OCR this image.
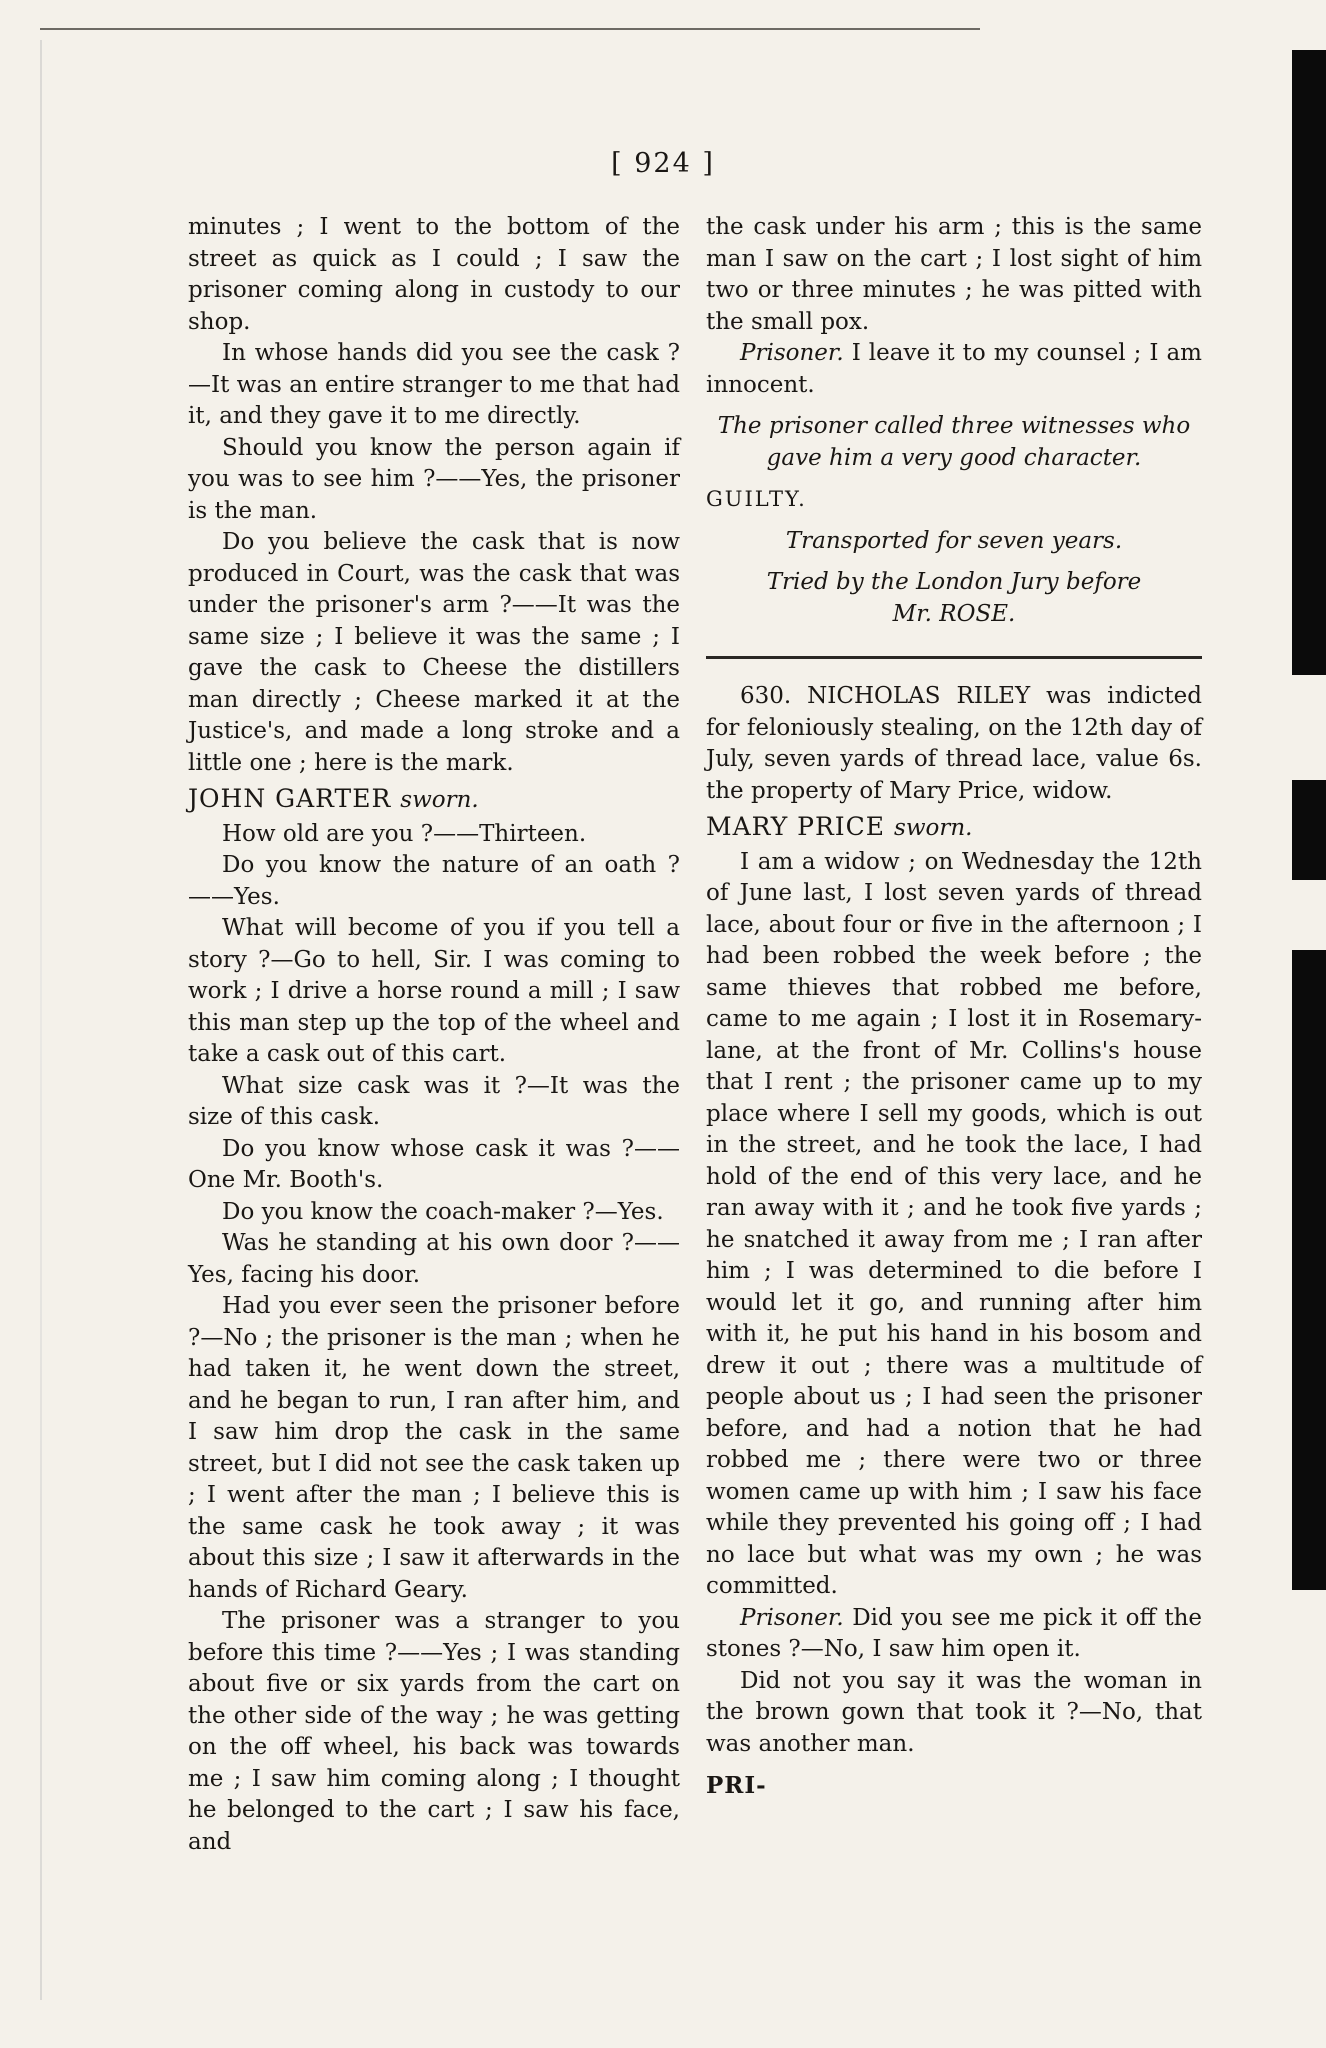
[ 924 ]

minutes ; I went to the bottom of the street as quick as I could ; I saw the prisoner coming along in custody to our shop.

In whose hands did you see the cask ?—It was an entire stranger to me that had it, and they gave it to me directly.

Should you know the person again if you was to see him ?——Yes, the prisoner is the man.

Do you believe the cask that is now produced in Court, was the cask that was under the prisoner's arm ?——It was the same size ; I believe it was the same ; I gave the cask to Cheese the distillers man directly ; Cheese marked it at the Justice's, and made a long stroke and a little one ; here is the mark.

JOHN GARTER sworn.

How old are you ?——Thirteen.

Do you know the nature of an oath ?——Yes.

What will become of you if you tell a story ?—Go to hell, Sir. I was coming to work ; I drive a horse round a mill ; I saw this man step up the top of the wheel and take a cask out of this cart.

What size cask was it ?—It was the size of this cask.

Do you know whose cask it was ?——One Mr. Booth's.

Do you know the coach-maker ?—Yes.

Was he standing at his own door ?——Yes, facing his door.

Had you ever seen the prisoner before ?—No ; the prisoner is the man ; when he had taken it, he went down the street, and he began to run, I ran after him, and I saw him drop the cask in the same street, but I did not see the cask taken up ; I went after the man ; I believe this is the same cask he took away ; it was about this size ; I saw it afterwards in the hands of Richard Geary.

The prisoner was a stranger to you before this time ?——Yes ; I was standing about five or six yards from the cart on the other side of the way ; he was getting on the off wheel, his back was towards me ; I saw him coming along ; I thought he belonged to the cart ; I saw his face, and

the cask under his arm ; this is the same man I saw on the cart ; I lost sight of him two or three minutes ; he was pitted with the small pox.

Prisoner. I leave it to my counsel ; I am innocent.

The prisoner called three witnesses who gave him a very good character.

GUILTY.

Transported for seven years.

Tried by the London Jury before

Mr. ROSE.

630. NICHOLAS RILEY was indicted for feloniously stealing, on the 12th day of July, seven yards of thread lace, value 6s. the property of Mary Price, widow.

MARY PRICE sworn.

I am a widow ; on Wednesday the 12th of June last, I lost seven yards of thread lace, about four or five in the afternoon ; I had been robbed the week before ; the same thieves that robbed me before, came to me again ; I lost it in Rosemary-lane, at the front of Mr. Collins's house that I rent ; the prisoner came up to my place where I sell my goods, which is out in the street, and he took the lace, I had hold of the end of this very lace, and he ran away with it ; and he took five yards ; he snatched it away from me ; I ran after him ; I was determined to die before I would let it go, and running after him with it, he put his hand in his bosom and drew it out ; there was a multitude of people about us ; I had seen the prisoner before, and had a notion that he had robbed me ; there were two or three women came up with him ; I saw his face while they prevented his going off ; I had no lace but what was my own ; he was committed.

Prisoner. Did you see me pick it off the stones ?—No, I saw him open it.

Did not you say it was the woman in the brown gown that took it ?—No, that was another man.

PRI-
